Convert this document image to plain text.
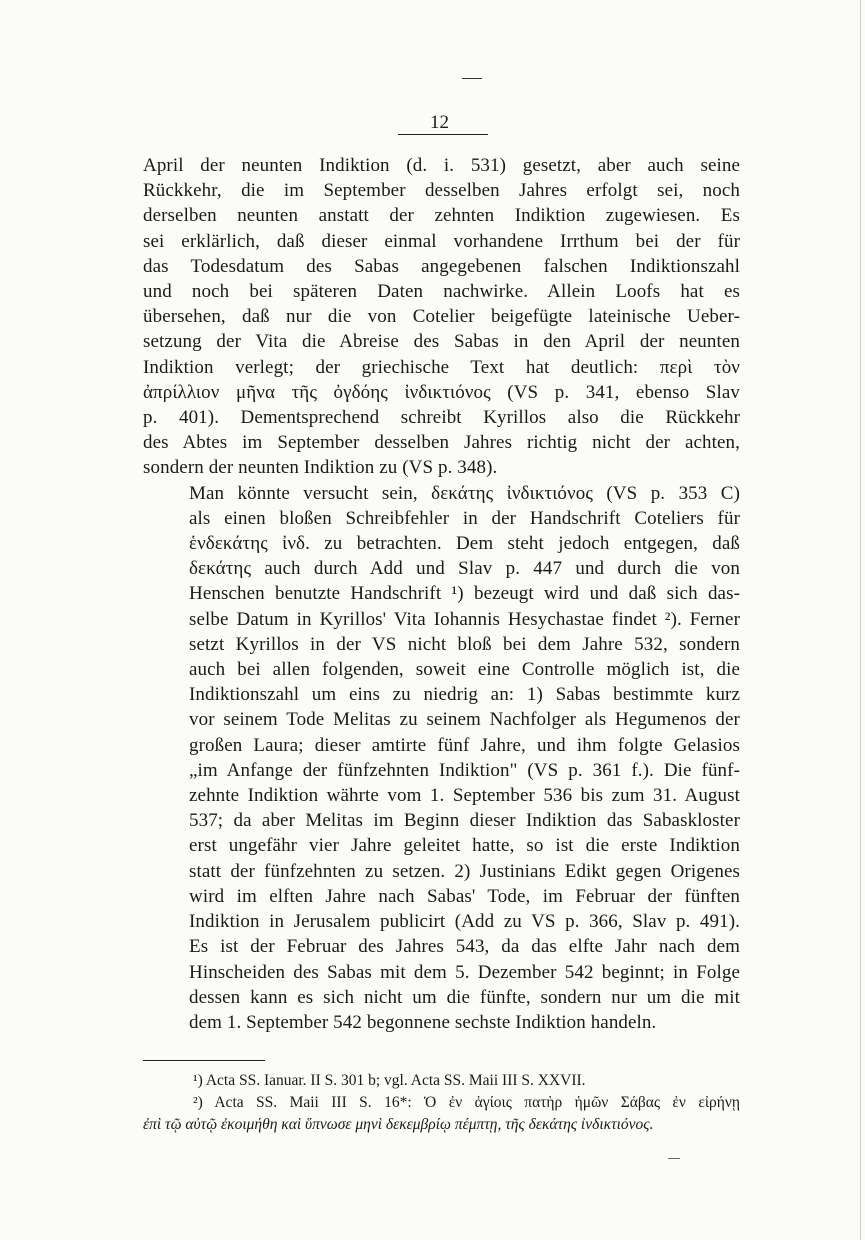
12

April der neunten Indiktion (d. i. 531) gesetzt, aber auch seine
Rückkehr, die im September desselben Jahres erfolgt sei, noch
derselben neunten anstatt der zehnten Indiktion zugewiesen. Es
sei erklärlich, daß dieser einmal vorhandene Irrthum bei der für
das Todesdatum des Sabas angegebenen falschen Indiktionszahl
und noch bei späteren Daten nachwirke. Allein Loofs hat es
übersehen, daß nur die von Cotelier beigefügte lateinische Ueber-
setzung der Vita die Abreise des Sabas in den April der neunten
Indiktion verlegt; der griechische Text hat deutlich: περὶ τὸν
ἀπρίλλιον μῆνα τῆς ὀγδόης ἰνδικτιόνος (VS p. 341, ebenso Slav
p. 401). Dementsprechend schreibt Kyrillos also die Rückkehr
des Abtes im September desselben Jahres richtig nicht der achten,
sondern der neunten Indiktion zu (VS p. 348).

Man könnte versucht sein, δεκάτης ἰνδικτιόνος (VS p. 353 C)
als einen bloßen Schreibfehler in der Handschrift Coteliers für
ἑνδεκάτης ἰνδ. zu betrachten. Dem steht jedoch entgegen, daß
δεκάτης auch durch Add und Slav p. 447 und durch die von
Henschen benutzte Handschrift ¹) bezeugt wird und daß sich das-
selbe Datum in Kyrillos' Vita Iohannis Hesychastae findet ²). Ferner
setzt Kyrillos in der VS nicht bloß bei dem Jahre 532, sondern
auch bei allen folgenden, soweit eine Controlle möglich ist, die
Indiktionszahl um eins zu niedrig an: 1) Sabas bestimmte kurz
vor seinem Tode Melitas zu seinem Nachfolger als Hegumenos der
großen Laura; dieser amtirte fünf Jahre, und ihm folgte Gelasios
„im Anfange der fünfzehnten Indiktion" (VS p. 361 f.). Die fünf-
zehnte Indiktion währte vom 1. September 536 bis zum 31. August
537; da aber Melitas im Beginn dieser Indiktion das Sabaskloster
erst ungefähr vier Jahre geleitet hatte, so ist die erste Indiktion
statt der fünfzehnten zu setzen. 2) Justinians Edikt gegen Origenes
wird im elften Jahre nach Sabas' Tode, im Februar der fünften
Indiktion in Jerusalem publicirt (Add zu VS p. 366, Slav p. 491).
Es ist der Februar des Jahres 543, da das elfte Jahr nach dem
Hinscheiden des Sabas mit dem 5. Dezember 542 beginnt; in Folge
dessen kann es sich nicht um die fünfte, sondern nur um die mit
dem 1. September 542 begonnene sechste Indiktion handeln.

¹) Acta SS. Ianuar. II S. 301 b; vgl. Acta SS. Maii III S. XXVII.
²) Acta SS. Maii III S. 16*: Ὁ ἐν ἁγίοις πατὴρ ἡμῶν Σάβας ἐν εἰρήνῃ
ἐπὶ τῷ αὐτῷ ἐκοιμήθη καὶ ὕπνωσε μηνὶ δεκεμβρίῳ πέμπτῃ, τῆς δεκάτης ἰνδικτιόνος.
